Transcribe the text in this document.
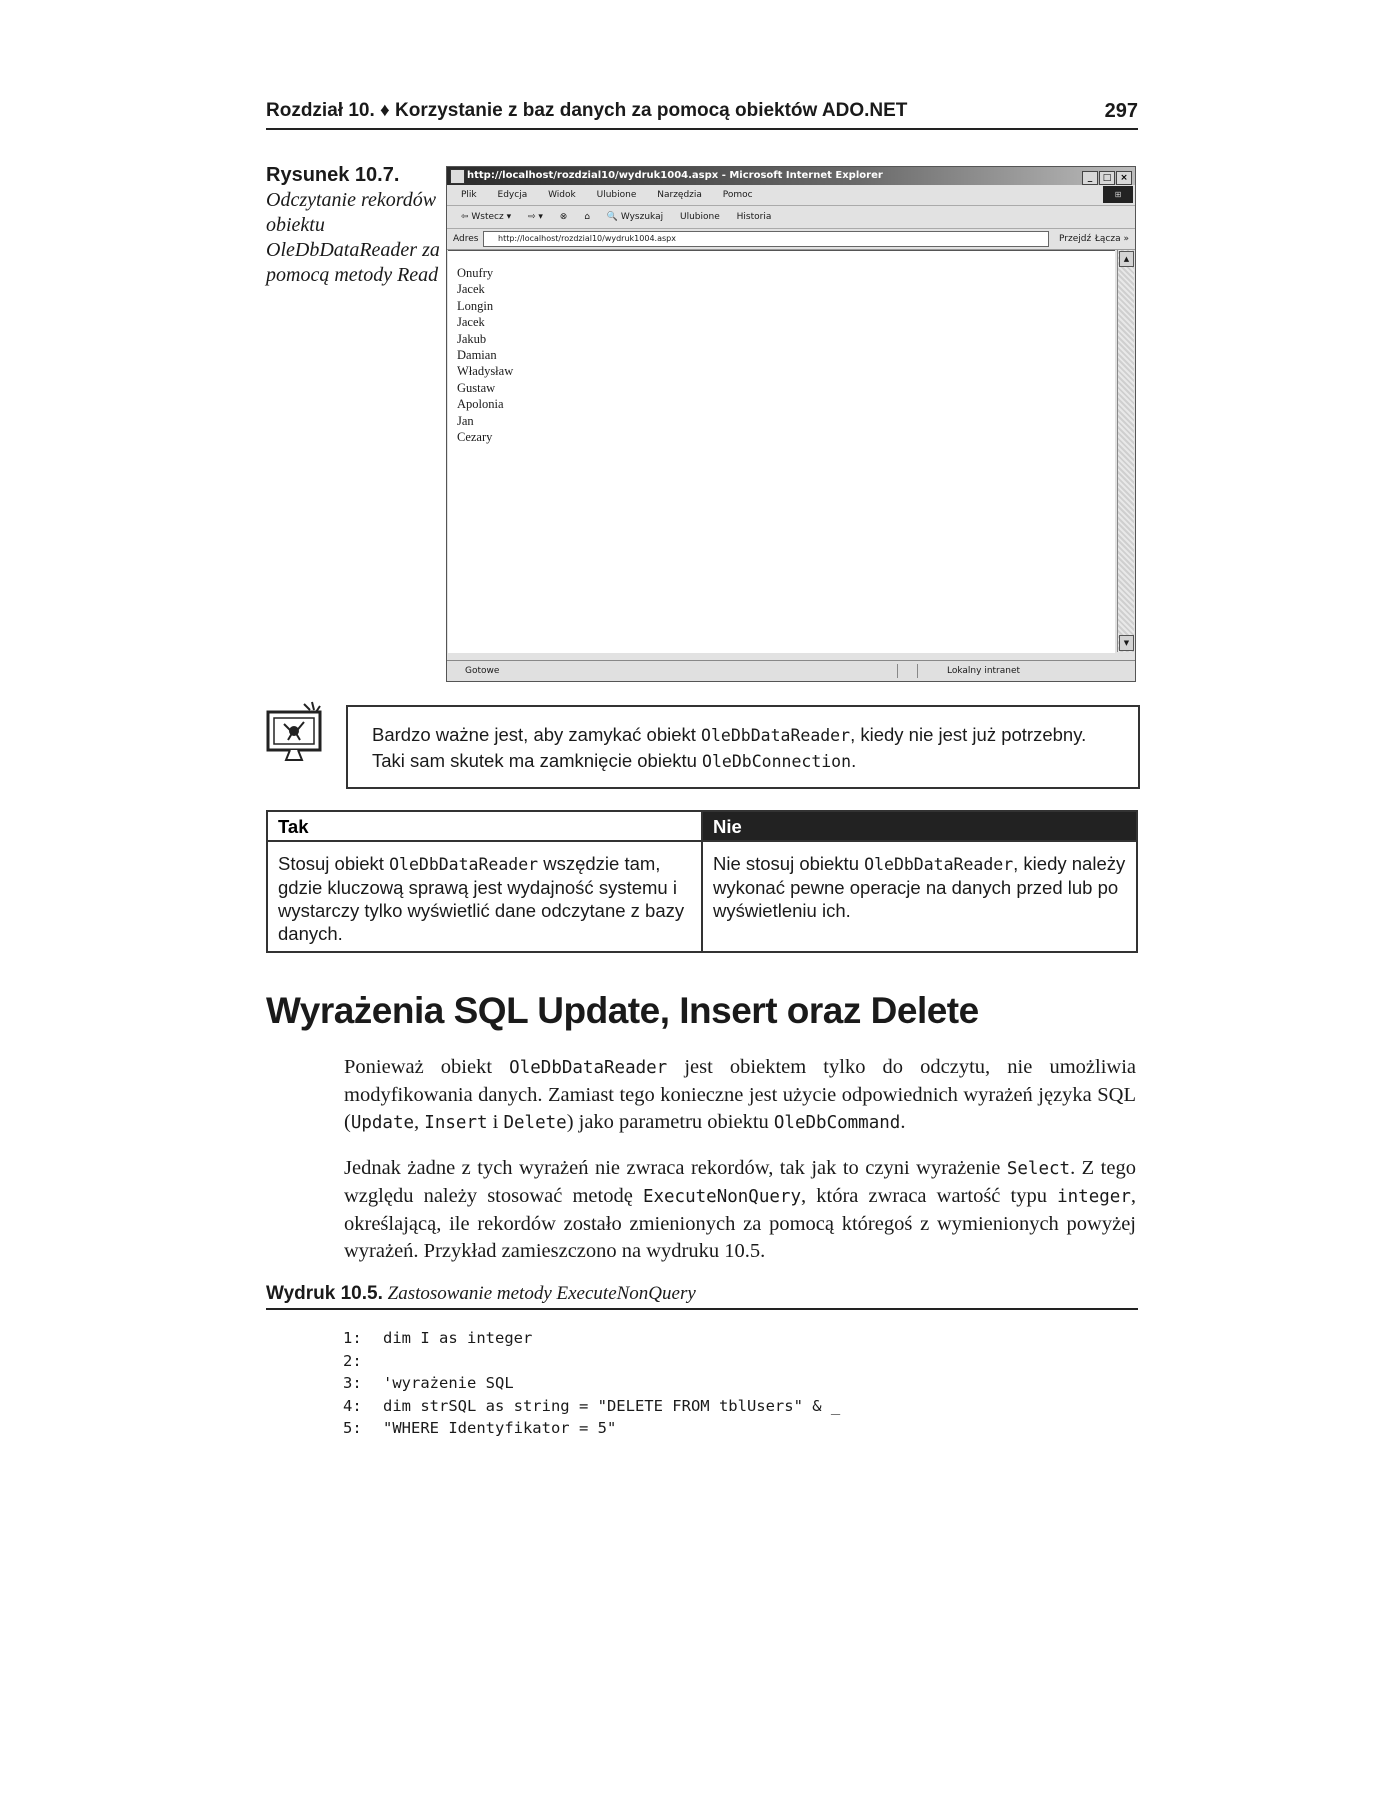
Rozdział 10. ♦ Korzystanie z baz danych za pomocą obiektów ADO.NET	297
Rysunek 10.7.
Odczytanie rekordów obiektu OleDbDataReader za pomocą metody Read
http://localhost/rozdzial10/wydruk1004.aspx - Microsoft Internet Explorer	_ □ ×
Plik Edycja Widok Ulubione Narzędzia Pomoc	⊞
⇦ Wstecz ▾ ⇨ ▾ ⊗ ⌂ 🔍 Wyszukaj Ulubione Historia
Adres	http://localhost/rozdzial10/wydruk1004.aspx	Przejdź Łącza »
Onufry
Jacek
Longin
Jacek
Jakub
Damian
Władysław
Gustaw
Apolonia
Jan
Cezary
▲
▼
Gotowe	Lokalny intranet

Bardzo ważne jest, aby zamykać obiekt OleDbDataReader, kiedy nie jest już potrzebny. Taki sam skutek ma zamknięcie obiektu OleDbConnection.

Tak	Nie
Stosuj obiekt OleDbDataReader wszędzie tam, gdzie kluczową sprawą jest wydajność systemu i wystarczy tylko wyświetlić dane odczytane z bazy danych.	Nie stosuj obiektu OleDbDataReader, kiedy należy wykonać pewne operacje na danych przed lub po wyświetleniu ich.
Wyrażenia SQL Update, Insert oraz Delete

Ponieważ obiekt OleDbDataReader jest obiektem tylko do odczytu, nie umożliwia modyfikowania danych. Zamiast tego konieczne jest użycie odpowiednich wyrażeń języka SQL (Update, Insert i Delete) jako parametru obiektu OleDbCommand.

Jednak żadne z tych wyrażeń nie zwraca rekordów, tak jak to czyni wyrażenie Select. Z tego względu należy stosować metodę ExecuteNonQuery, która zwraca wartość typu integer, określającą, ile rekordów zostało zmienionych za pomocą któregoś z wymienionych powyżej wyrażeń. Przykład zamieszczono na wydruku 10.5.

Wydruk 10.5. Zastosowanie metody ExecuteNonQuery
1: dim I as integer
2:
3: 'wyrażenie SQL
4: dim strSQL as string = "DELETE FROM tblUsers" & _
5: "WHERE Identyfikator = 5"
